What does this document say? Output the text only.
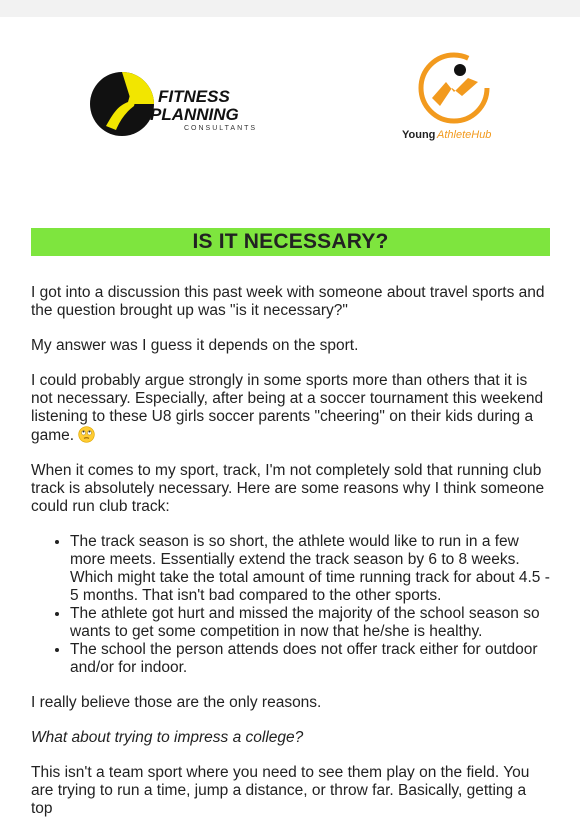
FITNESS
PLANNING
CONSULTANTS
Young AthleteHub
IS IT NECESSARY?

I got into a discussion this past week with someone about travel sports and the question brought up was "is it necessary?"

My answer was I guess it depends on the sport.

I could probably argue strongly in some sports more than others that it is not necessary. Especially, after being at a soccer tournament this weekend listening to these U8 girls soccer parents "cheering" on their kids during a game.

When it comes to my sport, track, I'm not completely sold that running club track is absolutely necessary. Here are some reasons why I think someone could run club track:

• The track season is so short, the athlete would like to run in a few more meets. Essentially extend the track season by 6 to 8 weeks. Which might take the total amount of time running track for about 4.5 - 5 months. That isn't bad compared to the other sports.
• The athlete got hurt and missed the majority of the school season so wants to get some competition in now that he/she is healthy.
• The school the person attends does not offer track either for outdoor and/or for indoor.

I really believe those are the only reasons.

What about trying to impress a college?

This isn't a team sport where you need to see them play on the field. You are trying to run a time, jump a distance, or throw far. Basically, getting a top
